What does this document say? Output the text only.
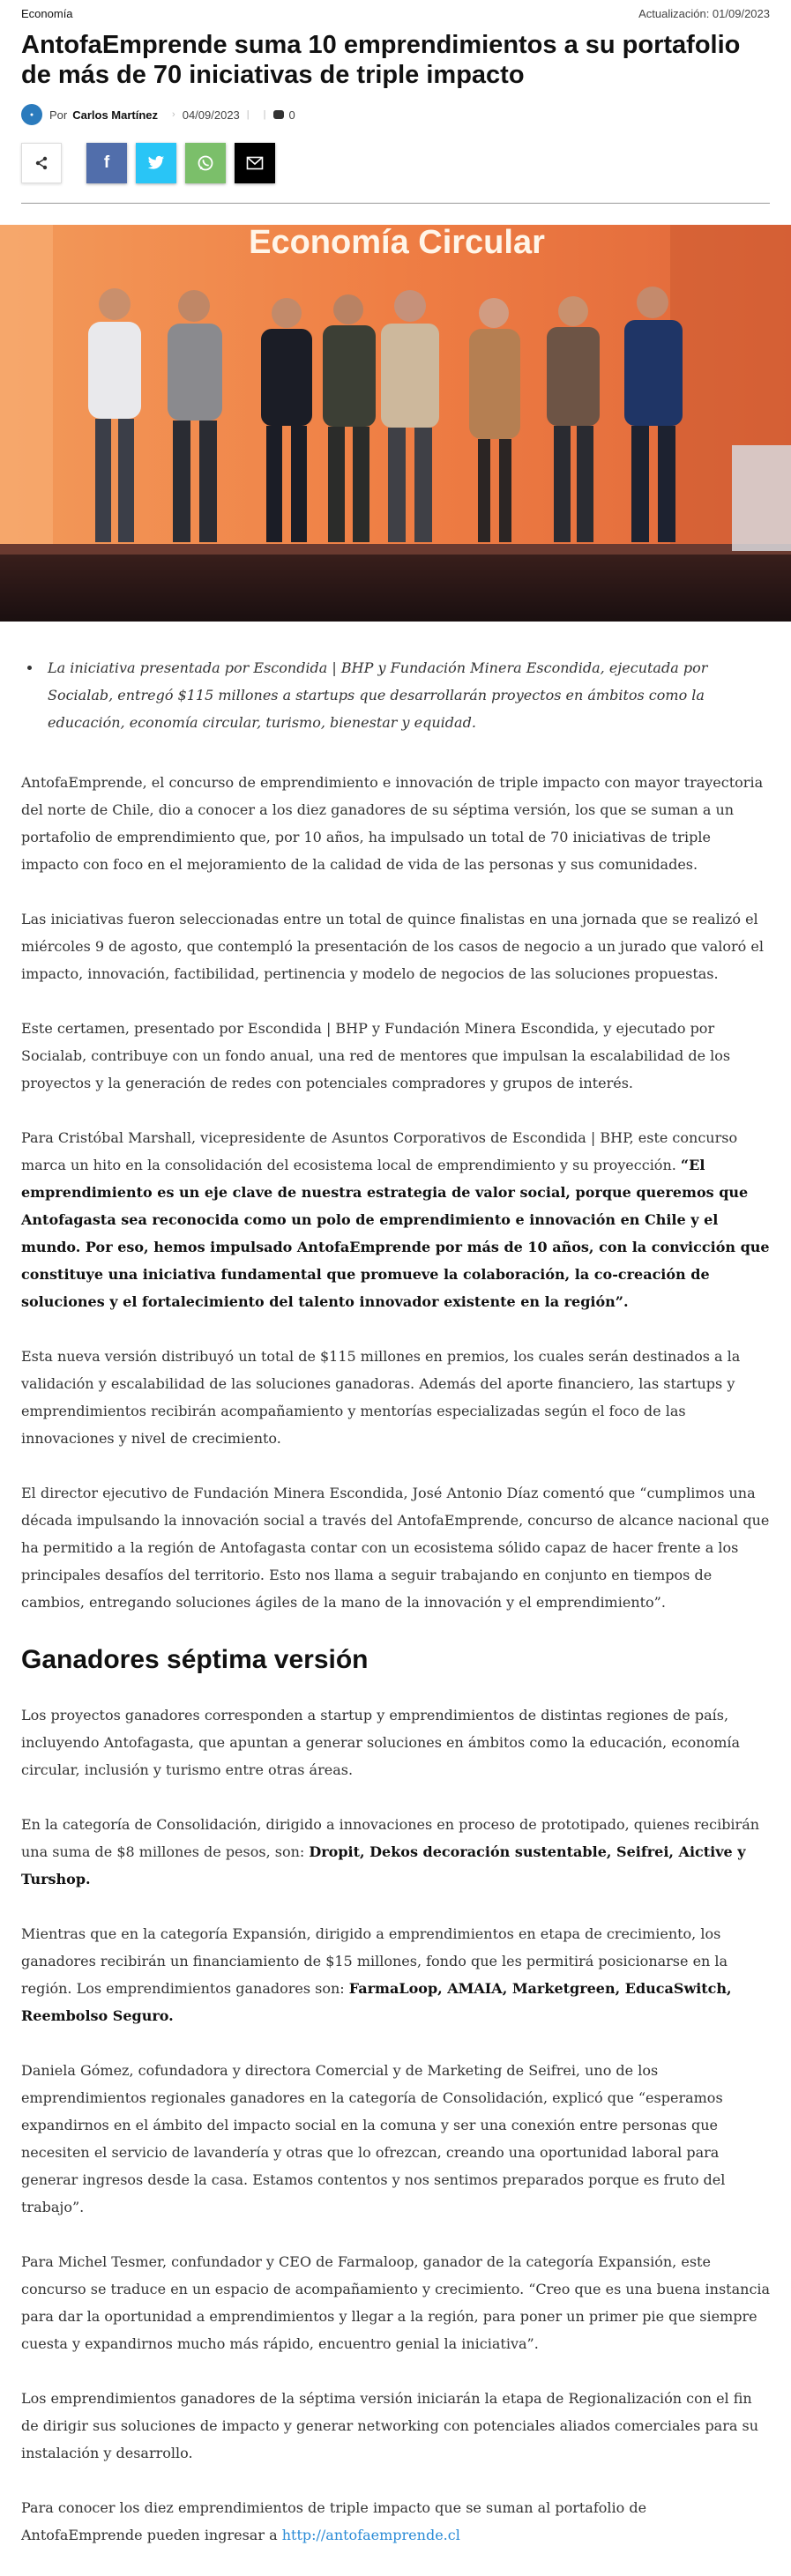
Economía	Actualización: 01/09/2023
AntofaEmprende suma 10 emprendimientos a su portafolio de más de 70 iniciativas de triple impacto
●	Por Carlos Martínez › 04/09/2023 | | 0
f
Economía Circular
• La iniciativa presentada por Escondida | BHP y Fundación Minera Escondida, ejecutada por Socialab, entregó $115 millones a startups que desarrollarán proyectos en ámbitos como la educación, economía circular, turismo, bienestar y equidad.

AntofaEmprende, el concurso de emprendimiento e innovación de triple impacto con mayor trayectoria del norte de Chile, dio a conocer a los diez ganadores de su séptima versión, los que se suman a un portafolio de emprendimiento que, por 10 años, ha impulsado un total de 70 iniciativas de triple impacto con foco en el mejoramiento de la calidad de vida de las personas y sus comunidades.

Las iniciativas fueron seleccionadas entre un total de quince finalistas en una jornada que se realizó el miércoles 9 de agosto, que contempló la presentación de los casos de negocio a un jurado que valoró el impacto, innovación, factibilidad, pertinencia y modelo de negocios de las soluciones propuestas.

Este certamen, presentado por Escondida | BHP y Fundación Minera Escondida, y ejecutado por Socialab, contribuye con un fondo anual, una red de mentores que impulsan la escalabilidad de los proyectos y la generación de redes con potenciales compradores y grupos de interés.

Para Cristóbal Marshall, vicepresidente de Asuntos Corporativos de Escondida | BHP, este concurso marca un hito en la consolidación del ecosistema local de emprendimiento y su proyección. “El emprendimiento es un eje clave de nuestra estrategia de valor social, porque queremos que Antofagasta sea reconocida como un polo de emprendimiento e innovación en Chile y el mundo. Por eso, hemos impulsado AntofaEmprende por más de 10 años, con la convicción que constituye una iniciativa fundamental que promueve la colaboración, la co-creación de soluciones y el fortalecimiento del talento innovador existente en la región”.

Esta nueva versión distribuyó un total de $115 millones en premios, los cuales serán destinados a la validación y escalabilidad de las soluciones ganadoras. Además del aporte financiero, las startups y emprendimientos recibirán acompañamiento y mentorías especializadas según el foco de las innovaciones y nivel de crecimiento.

El director ejecutivo de Fundación Minera Escondida, José Antonio Díaz comentó que “cumplimos una década impulsando la innovación social a través del AntofaEmprende, concurso de alcance nacional que ha permitido a la región de Antofagasta contar con un ecosistema sólido capaz de hacer frente a los principales desafíos del territorio. Esto nos llama a seguir trabajando en conjunto en tiempos de cambios, entregando soluciones ágiles de la mano de la innovación y el emprendimiento”.

Ganadores séptima versión

Los proyectos ganadores corresponden a startup y emprendimientos de distintas regiones de país, incluyendo Antofagasta, que apuntan a generar soluciones en ámbitos como la educación, economía circular, inclusión y turismo entre otras áreas.

En la categoría de Consolidación, dirigido a innovaciones en proceso de prototipado, quienes recibirán una suma de $8 millones de pesos, son: Dropit, Dekos decoración sustentable, Seifrei, Aictive y Turshop.

Mientras que en la categoría Expansión, dirigido a emprendimientos en etapa de crecimiento, los ganadores recibirán un financiamiento de $15 millones, fondo que les permitirá posicionarse en la región. Los emprendimientos ganadores son: FarmaLoop, AMAIA, Marketgreen, EducaSwitch, Reembolso Seguro.

Daniela Gómez, cofundadora y directora Comercial y de Marketing de Seifrei, uno de los emprendimientos regionales ganadores en la categoría de Consolidación, explicó que “esperamos expandirnos en el ámbito del impacto social en la comuna y ser una conexión entre personas que necesiten el servicio de lavandería y otras que lo ofrezcan, creando una oportunidad laboral para generar ingresos desde la casa. Estamos contentos y nos sentimos preparados porque es fruto del trabajo”.

Para Michel Tesmer, confundador y CEO de Farmaloop, ganador de la categoría Expansión, este concurso se traduce en un espacio de acompañamiento y crecimiento. “Creo que es una buena instancia para dar la oportunidad a emprendimientos y llegar a la región, para poner un primer pie que siempre cuesta y expandirnos mucho más rápido, encuentro genial la iniciativa”.

Los emprendimientos ganadores de la séptima versión iniciarán la etapa de Regionalización con el fin de dirigir sus soluciones de impacto y generar networking con potenciales aliados comerciales para su instalación y desarrollo.

Para conocer los diez emprendimientos de triple impacto que se suman al portafolio de AntofaEmprende pueden ingresar a http://antofaemprende.cl
